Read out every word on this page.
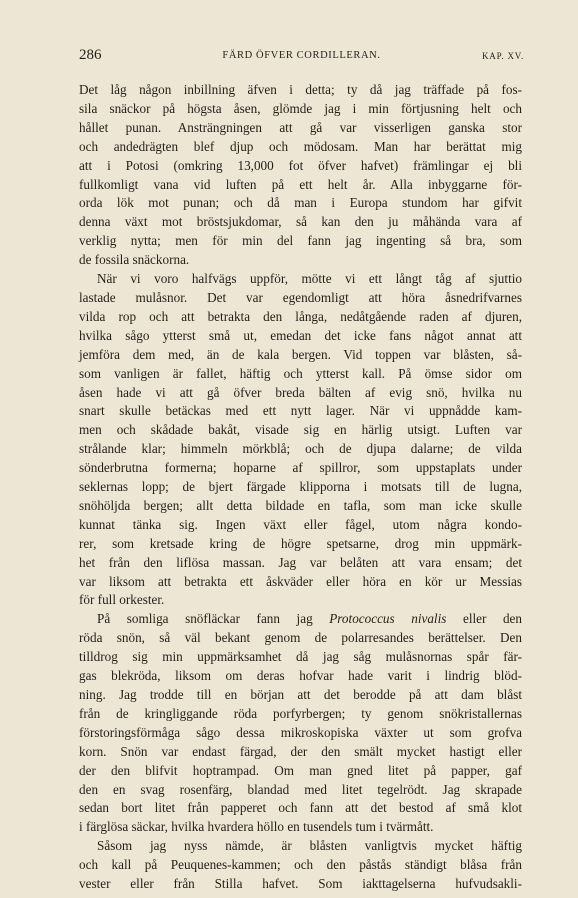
286	FÄRD ÖFVER CORDILLERAN.	KAP. XV.
Det låg någon inbillning äfven i detta; ty då jag träffade på fos-
sila snäckor på högsta åsen, glömde jag i min förtjusning helt och
hållet punan. Ansträngningen att gå var visserligen ganska stor
och andedrägten blef djup och mödosam. Man har berättat mig
att i Potosi (omkring 13,000 fot öfver hafvet) främlingar ej bli
fullkomligt vana vid luften på ett helt år. Alla inbyggarne för-
orda lök mot punan; och då man i Europa stundom har gifvit
denna växt mot bröstsjukdomar, så kan den ju måhända vara af
verklig nytta; men för min del fann jag ingenting så bra, som
de fossila snäckorna.
När vi voro halfvägs uppför, mötte vi ett långt tåg af sjuttio
lastade mulåsnor. Det var egendomligt att höra åsnedrifvarnes
vilda rop och att betrakta den långa, nedåtgående raden af djuren,
hvilka sågo ytterst små ut, emedan det icke fans något annat att
jemföra dem med, än de kala bergen. Vid toppen var blåsten, så-
som vanligen är fallet, häftig och ytterst kall. På ömse sidor om
åsen hade vi att gå öfver breda bälten af evig snö, hvilka nu
snart skulle betäckas med ett nytt lager. När vi uppnådde kam-
men och skådade bakåt, visade sig en härlig utsigt. Luften var
strålande klar; himmeln mörkblå; och de djupa dalarne; de vilda
sönderbrutna formerna; hoparne af spillror, som uppstaplats under
seklernas lopp; de bjert färgade klipporna i motsats till de lugna,
snöhöljda bergen; allt detta bildade en tafla, som man icke skulle
kunnat tänka sig. Ingen växt eller fågel, utom några kondo-
rer, som kretsade kring de högre spetsarne, drog min uppmärk-
het från den liflösa massan. Jag var belåten att vara ensam; det
var liksom att betrakta ett åskväder eller höra en kör ur Messias
för full orkester.
På somliga snöfläckar fann jag Protococcus nivalis eller den
röda snön, så väl bekant genom de polarresandes berättelser. Den
tilldrog sig min uppmärksamhet då jag såg mulåsnornas spår fär-
gas blekröda, liksom om deras hofvar hade varit i lindrig blöd-
ning. Jag trodde till en början att det berodde på att dam blåst
från de kringliggande röda porfyrbergen; ty genom snökristallernas
förstoringsförmåga sågo dessa mikroskopiska växter ut som grofva
korn. Snön var endast färgad, der den smält mycket hastigt eller
der den blifvit hoptrampad. Om man gned litet på papper, gaf
den en svag rosenfärg, blandad med litet tegelrödt. Jag skrapade
sedan bort litet från papperet och fann att det bestod af små klot
i färglösa säckar, hvilka hvardera höllo en tusendels tum i tvärmått.
Såsom jag nyss nämde, är blåsten vanligtvis mycket häftig
och kall på Peuquenes-kammen; och den påstås ständigt blåsa från
vester eller från Stilla hafvet. Som iakttagelserna hufvudsakli-
